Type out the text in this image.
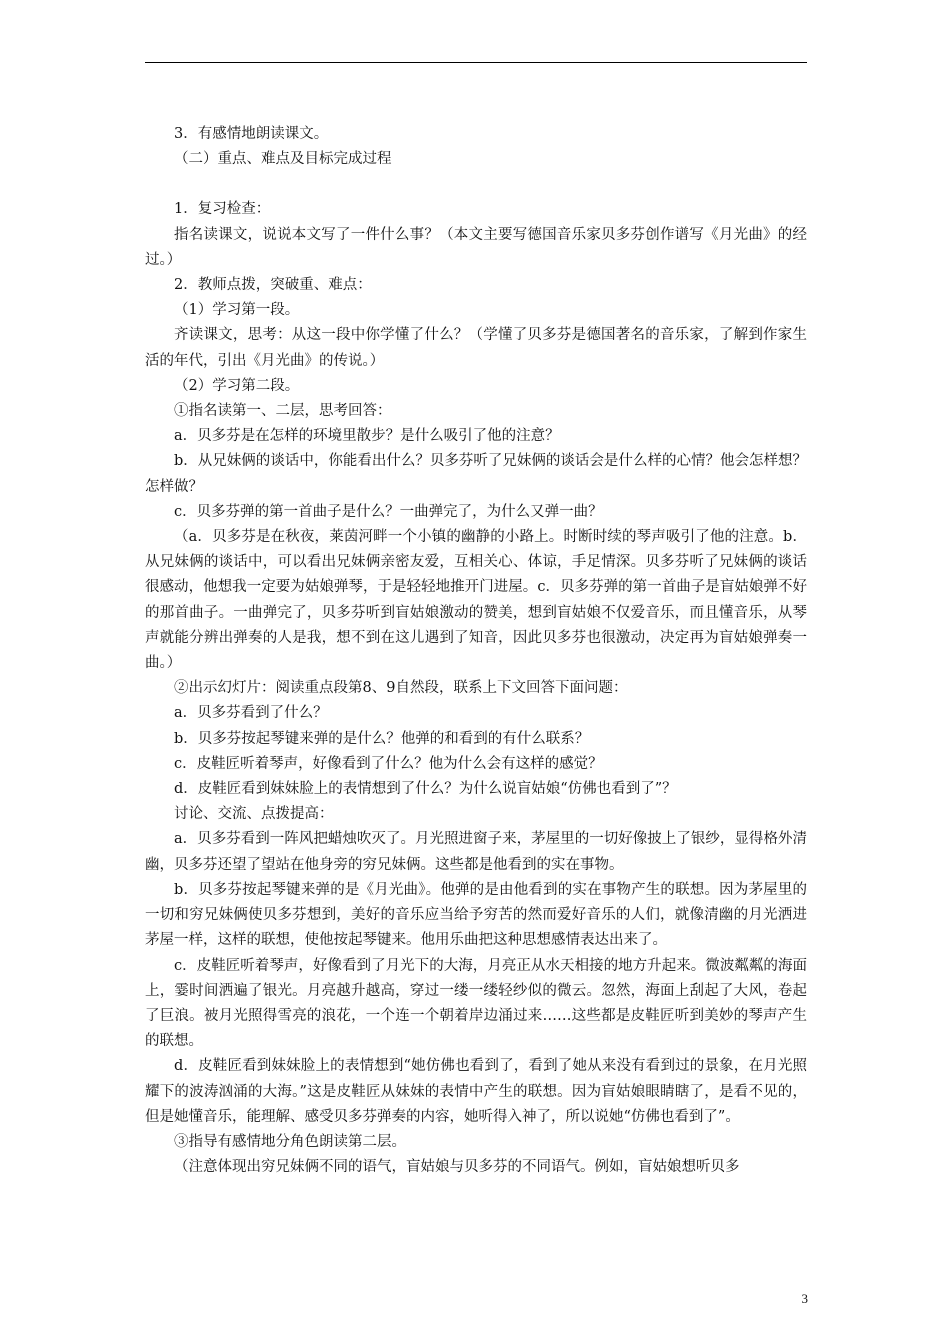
3．有感情地朗读课文。

（二）重点、难点及目标完成过程

1．复习检查：

指名读课文，说说本文写了一件什么事？（本文主要写德国音乐家贝多芬创作谱写《月光曲》的经过。）

2．教师点拨，突破重、难点：

（1）学习第一段。

齐读课文，思考：从这一段中你学懂了什么？（学懂了贝多芬是德国著名的音乐家，了解到作家生活的年代，引出《月光曲》的传说。）

（2）学习第二段。

①指名读第一、二层，思考回答：

a．贝多芬是在怎样的环境里散步？是什么吸引了他的注意？

b．从兄妹俩的谈话中，你能看出什么？贝多芬听了兄妹俩的谈话会是什么样的心情？他会怎样想？怎样做？

c．贝多芬弹的第一首曲子是什么？一曲弹完了，为什么又弹一曲？

（a．贝多芬是在秋夜，莱茵河畔一个小镇的幽静的小路上。时断时续的琴声吸引了他的注意。b．从兄妹俩的谈话中，可以看出兄妹俩亲密友爱，互相关心、体谅，手足情深。贝多芬听了兄妹俩的谈话很感动，他想我一定要为姑娘弹琴，于是轻轻地推开门进屋。c．贝多芬弹的第一首曲子是盲姑娘弹不好的那首曲子。一曲弹完了，贝多芬听到盲姑娘激动的赞美，想到盲姑娘不仅爱音乐，而且懂音乐，从琴声就能分辨出弹奏的人是我，想不到在这儿遇到了知音，因此贝多芬也很激动，决定再为盲姑娘弹奏一曲。）

②出示幻灯片：阅读重点段第8、9自然段，联系上下文回答下面问题：

a．贝多芬看到了什么？

b．贝多芬按起琴键来弹的是什么？他弹的和看到的有什么联系？

c．皮鞋匠听着琴声，好像看到了什么？他为什么会有这样的感觉？

d．皮鞋匠看到妹妹脸上的表情想到了什么？为什么说盲姑娘“仿佛也看到了”？

讨论、交流、点拨提高：

a．贝多芬看到一阵风把蜡烛吹灭了。月光照进窗子来，茅屋里的一切好像披上了银纱，显得格外清幽，贝多芬还望了望站在他身旁的穷兄妹俩。这些都是他看到的实在事物。

b．贝多芬按起琴键来弹的是《月光曲》。他弹的是由他看到的实在事物产生的联想。因为茅屋里的一切和穷兄妹俩使贝多芬想到，美好的音乐应当给予穷苦的然而爱好音乐的人们，就像清幽的月光洒进茅屋一样，这样的联想，使他按起琴键来。他用乐曲把这种思想感情表达出来了。

c．皮鞋匠听着琴声，好像看到了月光下的大海，月亮正从水天相接的地方升起来。微波粼粼的海面上，霎时间洒遍了银光。月亮越升越高，穿过一缕一缕轻纱似的微云。忽然，海面上刮起了大风，卷起了巨浪。被月光照得雪亮的浪花，一个连一个朝着岸边涌过来……这些都是皮鞋匠听到美妙的琴声产生的联想。

d．皮鞋匠看到妹妹脸上的表情想到“她仿佛也看到了，看到了她从来没有看到过的景象，在月光照耀下的波涛汹涌的大海。”这是皮鞋匠从妹妹的表情中产生的联想。因为盲姑娘眼睛瞎了，是看不见的，但是她懂音乐，能理解、感受贝多芬弹奏的内容，她听得入神了，所以说她“仿佛也看到了”。

③指导有感情地分角色朗读第二层。

（注意体现出穷兄妹俩不同的语气，盲姑娘与贝多芬的不同语气。例如，盲姑娘想听贝多

3
